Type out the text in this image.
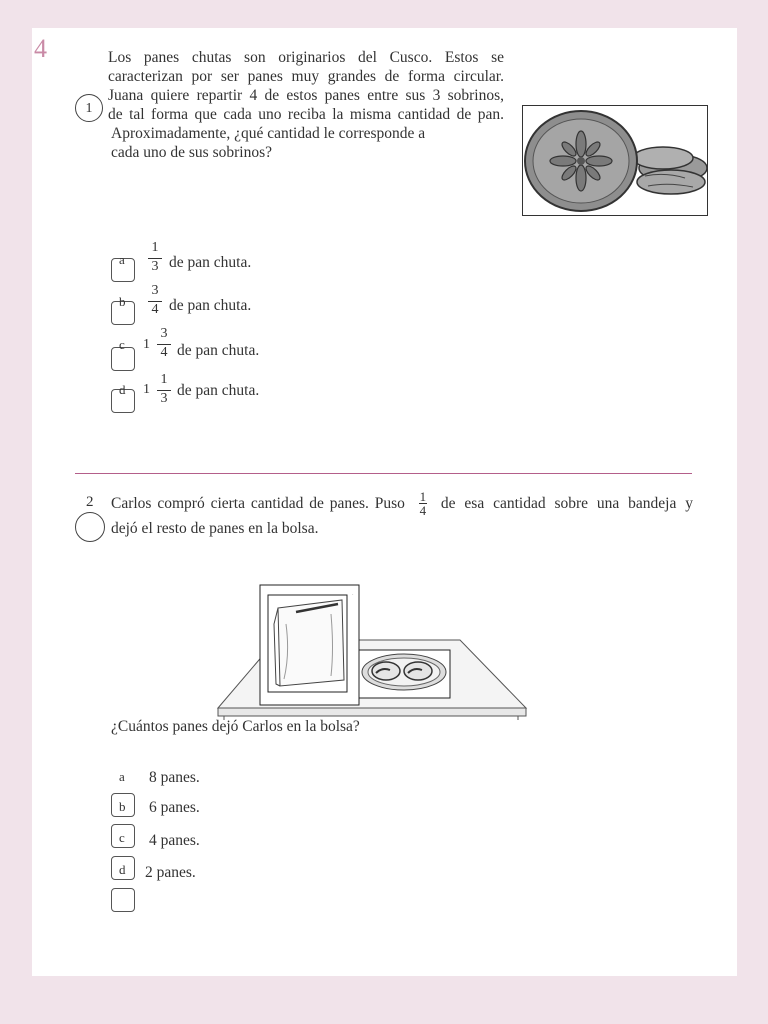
4
1
Los panes chutas son originarios del Cusco. Estos se
caracterizan por ser panes muy grandes de forma circular.
Juana quiere repartir 4 de estos panes entre sus 3 sobrinos,
de tal forma que cada uno reciba la misma cantidad de pan.
Aproximadamente, ¿qué cantidad le corresponde a
cada uno de sus sobrinos?
a $\frac{1}{3}$ de pan chuta.
b $\frac{3}{4}$ de pan chuta.
c $1 \frac{3}{4}$ de pan chuta.
d $1 \frac{1}{3}$ de pan chuta.
2 Carlos compró cierta cantidad de panes. Puso $\frac{1}{4}$ de esa cantidad sobre una bandeja y
dejó el resto de panes en la bolsa.
·
¿Cuántos panes dejó Carlos en la bolsa?
a 8 panes.
b 6 panes.
c 4 panes.
d 2 panes.
